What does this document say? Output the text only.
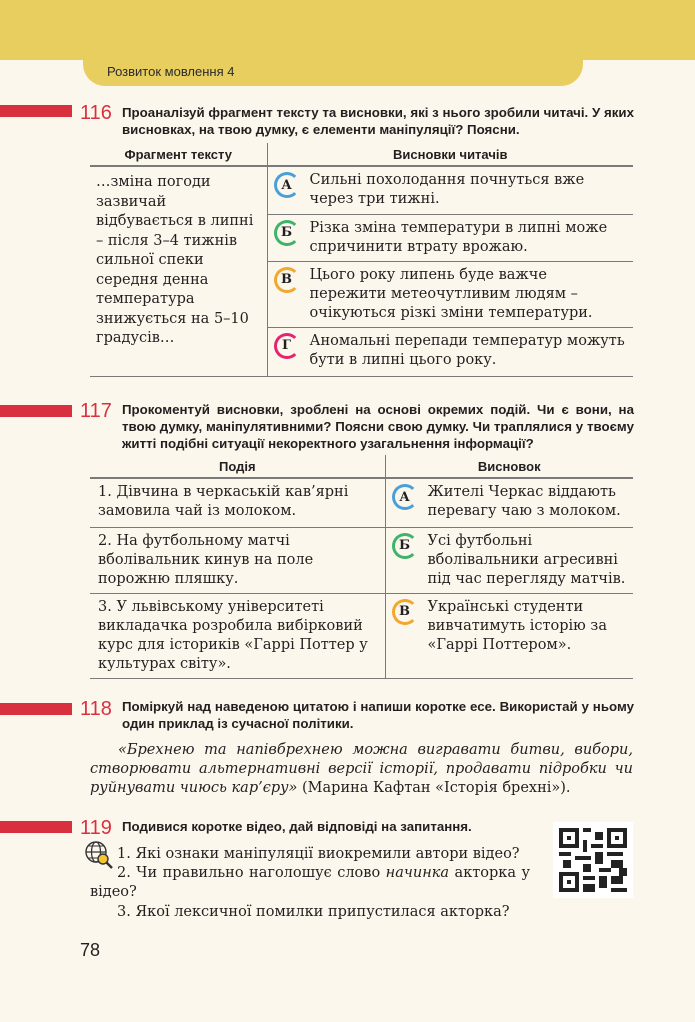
Розвиток мовлення 4
116 Проаналізуй фрагмент тексту та висновки, які з нього зробили читачі. У яких висновках, на твою думку, є елементи маніпуляції? Поясни.
Фрагмент тексту	Висновки читачів
…зміна погоди зазвичай відбувається в липні – після 3–4 тижнів сильної спеки середня денна температура знижується на 5–10 градусів…	А Сильні похолодання почнуться вже через три тижні.

Б Різка зміна температури в липні може спричинити втрату врожаю.

В Цього року липень буде важче пережити метеочутливим людям – очікуються різкі зміни температури.

Г Аномальні перепади температур можуть бути в липні цього року.
117 Прокоментуй висновки, зроблені на основі окремих подій. Чи є вони, на твою думку, маніпулятивними? Поясни свою думку. Чи траплялися у твоєму житті подібні ситуації некоректного узагальнення інформації?
Подія	Висновок
1. Дівчина в черкаській кав’ярні замовила чай із молоком.	А Жителі Черкас віддають перевагу чаю з молоком.

2. На футбольному матчі вболівальник кинув на поле порожню пляшку.	Б Усі футбольні вболівальники агресивні під час перегляду матчів.

3. У львівському університеті викладачка розробила вибірковий курс для істориків «Гаррі Поттер у культурах світу».	В Українські студенти вивчатимуть історію за «Гаррі Поттером».
118 Поміркуй над наведеною цитатою і напиши коротке есе. Використай у ньому один приклад із сучасної політики.
«Брехнею та напівбрехнею можна вигравати битви, вибори, створювати альтернативні версії історії, продавати підробки чи руйнувати чиюсь кар’єру» (Марина Кафтан «Історія брехні»).
119 Подивися коротке відео, дай відповіді на запитання.
1. Які ознаки маніпуляції виокремили автори відео?
2. Чи правильно наголошує слово начинка акторка у відео?
3. Якої лексичної помилки припустилася акторка?
78
